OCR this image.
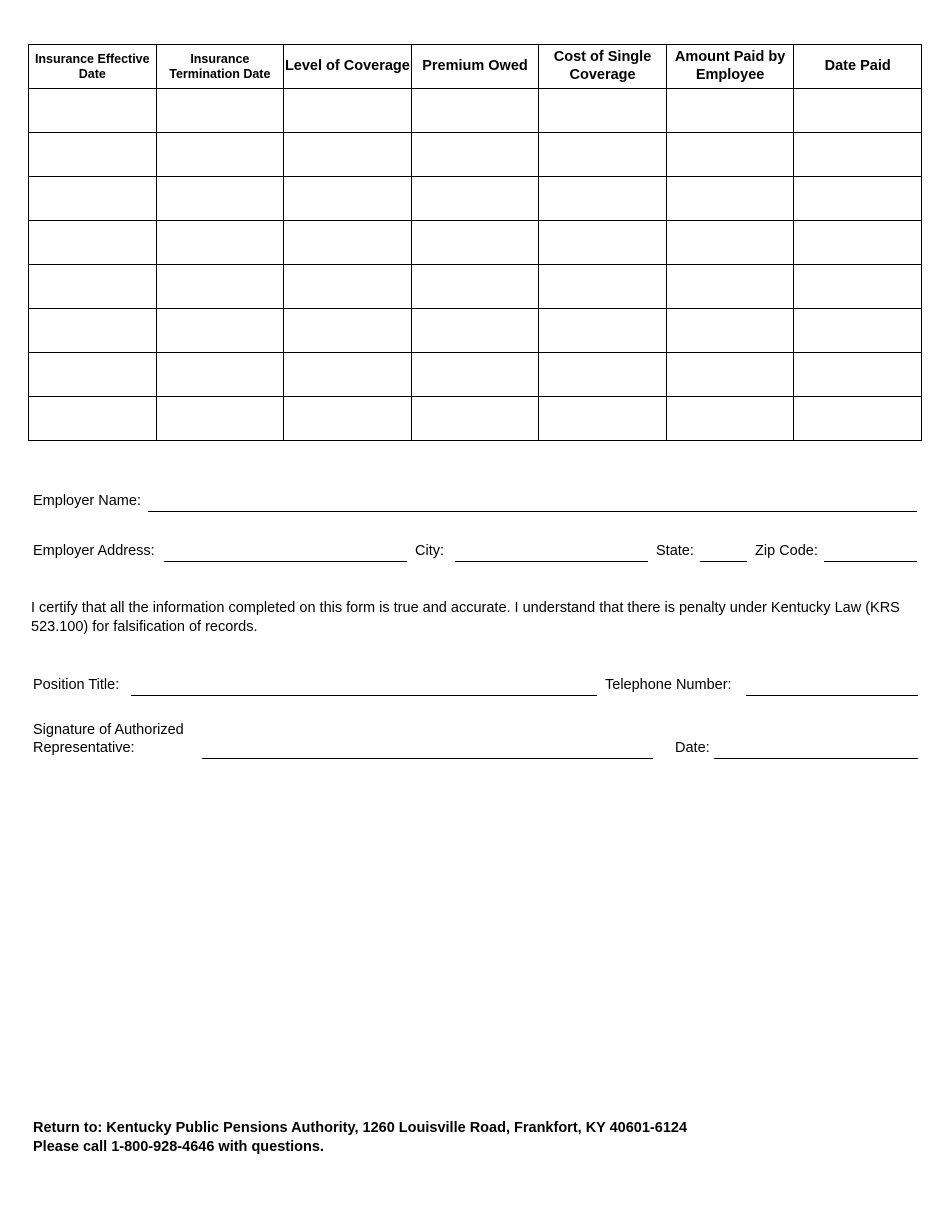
Insurance Effective Date	Insurance Termination Date	Level of Coverage	Premium Owed	Cost of Single Coverage	Amount Paid by Employee	Date Paid

Employer Name:
Employer Address:	City:	State:	Zip Code:
I certify that all the information completed on this form is true and accurate. I understand that there is penalty under Kentucky Law (KRS 523.100) for falsification of records.
Position Title:	Telephone Number:
Signature of Authorized
Representative:	Date:
Return to: Kentucky Public Pensions Authority, 1260 Louisville Road, Frankfort, KY 40601-6124
Please call 1-800-928-4646 with questions.
